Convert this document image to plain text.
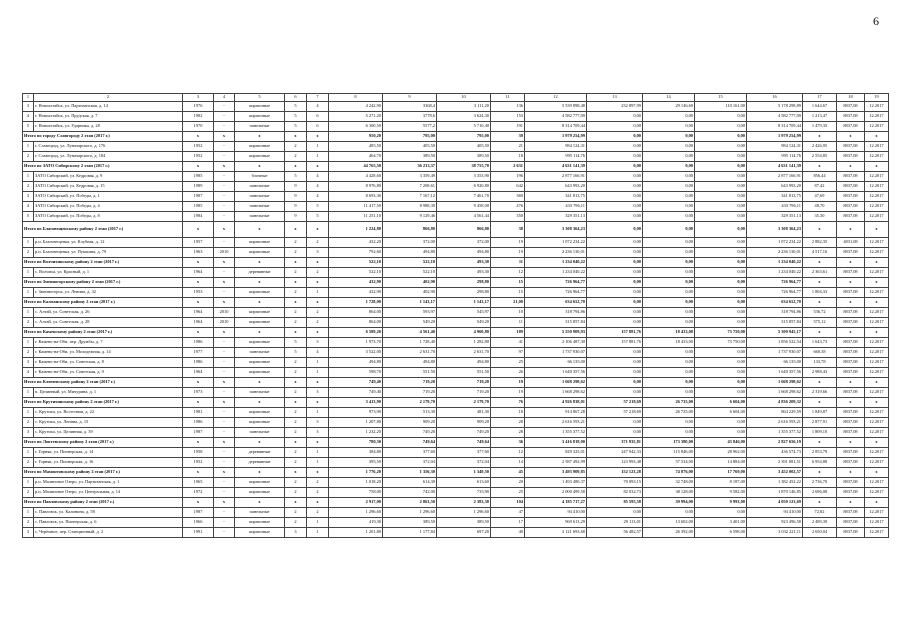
6
1	2	3	4	5	6	7	8	9	10	11	12	13	14	15	16	17	18	19
3	г. Новоалтайск, ул. Партизанская, д. 14	1976	-	кирпичные	5	4	4 242,90	3368,4	3 111,20	136	5 539 898,48	232 897,99	29 146,60	110 161,00	5 178 298,89	1 644,67	8837,08	12.2017
4	г. Новоалтайск, ул. Прудская, д. 7	1982	-	кирпичные	5	6	5 271,20	3778,6	3 624,30	153	4 582 777,09	0,00	0,00	0,00	4 582 777,09	1 213,47	8837,08	12.2017
5	г. Новоалтайск, ул. Ударника, д. 28	1970	-	панельные	5	6	6 300,50	5577,2	5 710,40	191	8 314 709,44	0,00	0,00	0,00	8 314 709,44	1 479,35	8837,08	12.2017
Итого по городу Славгороду 2 этап (2017 г.)		x	x	x	x	x	950,20	795,00	795,00	39	1 979 254,99	0,00	0,00	0,00	1 979 254,99	x	x	x
1	г. Славгород, ул. Луначарского, д. 176	1952	-	кирпичные	2	1	485,50	405,50	405,50	21	984 124,31	0,00	0,00	0,00	984 124,31	2 426,95	8837,08	12.2017
2	г. Славгород, ул. Луначарского, д. 184	1952	-	кирпичные	2	1	464,70	389,50	389,50	18	995 114,76	0,00	0,00	0,00	995 114,76	2 554,85	8837,08	12.2017
Итого по ЗАТО Сибирскому 2 этап (2017 г.)		x	x	x	x	x	44 765,50	36 233,37	38 755,70	2 631	4 631 141,39	0,00	0,00	0,00	4 631 141,39	x	x	x
1	ЗАТО Сибирский, ул. Кедровая, д. 9	1985	-	блочные	5	4	4 428,60	3 359,49	3 353,90	196	2 877 166,91	0,00	0,00	0,00	2 877 166,91	856,44	8837,08	12.2017
2	ЗАТО Сибирский, ул. Кедровая, д. 15	1989	-	панельные	9	4	8 976,80	7 208,61	6 920,80	642	643 993,20	0,00	0,00	0,00	643 993,20	87,42	8837,08	12.2017
3	ЗАТО Сибирский, ул. Победы, д. 1	1987	-	панельные	9	4	8 693,30	7 167,12	7 461,70	369	341 813,75	0,00	0,00	0,00	341 813,75	47,69	8837,08	12.2017
4	ЗАТО Сибирский, ул. Победы, д. 4	1985	-	панельные	9	5	11 417,50	8 988,39	9 458,00	476	433 796,11	0,00	0,00	0,00	433 796,11	48,70	8837,08	12.2017
5	ЗАТО Сибирский, ул. Победы, д. 8	1984	-	панельные	9	5	11 251,10	9 129,46	4 561,44	350	329 351,13	0,00	0,00	0,00	329 351,13	35,30	8837,08	12.2017
Итого по Благовещенскому району 2 этап (2017 г.)		x	x	x	x	x	1 224,80	866,80	866,80	38	3 308 364,23	0,00	0,00	0,00	3 308 364,23	x	x	x
1	р.п. Благовещенка, ул. Клубная, д. 12	1957	-	кирпичные	2	2	432,20	372,00	372,00	19	1 072 234,22	0,00	0,00	0,00	1 072 234,22	2 882,35	4831,08	12.2017
2	р.п. Благовещенка, ул. Пушкина, д. 79	1963	2010	кирпичные	2	3	792,60	494,80	494,80	19	2 236 130,01	0,00	0,00	0,00	2 236 130,01	4 517,16	8837,08	12.2017
Итого по Волчихинскому району 2 этап (2017 г.)		x	x	x	x	x	522,10	522,10	493,30	11	1 234 040,22	0,00	0,00	0,00	1 234 040,22	x	x	x
1	с. Волчиха, ул. Красный, д. 1	1964	-	деревянные	2	2	522,10	522,10	493,30	12	1 234 040,22	0,00	0,00	0,00	1 234 040,22	2 363,61	8837,08	12.2017
Итого по Змеиногорскому району 2 этап (2017 г.)		x	x	x	x	x	432,90	402,90	298,80	15	726 964,77	0,00	0,00	0,00	726 964,77	x	x	x
1	г. Змеиногорск, ул. Ленина, д. 32	1953	-	кирпичные	2	1	432,90	402,90	298,80	15	726 964,77	0,00	0,00	0,00	726 964,77	1 804,33	8837,08	12.2017
Итого по Калманскому району 2 этап (2017 г.)		x	x	x	x	x	1 728,00	1 143,17	1 143,17	21,00	634 652,70	0,00	0,00	0,00	634 652,70	x	x	x
1	с. Алтай, ул. Советская, д. 26	1964	2010	кирпичные	2	2	864,00	593,97	545,97	10	318 794,86	0,00	0,00	0,00	318 794,86	536,72	8837,08	12.2017
2	с. Алтай, ул. Советская, д. 28	1964	2010	кирпичные	2	2	864,00	549,20	549,20	11	315 857,84	0,00	0,00	0,00	315 857,84	575,12	8837,08	12.2017
Итого по Каменскому району 2 этап (2017 г.)		x	x	x	x	x	6 589,20	4 561,40	4 960,80	189	5 550 909,93	157 881,76	18 433,00	73 750,00	5 300 945,17	x	x	x
1	г. Камень-на-Оби, пер. Дружбы, д. 7	1986	-	кирпичные	5	3	1 973,70	1 728,40	1 282,80	41	2 106 487,30	157 881,76	18 433,00	73 750,00	1 856 522,54	1 643,73	8837,08	12.2017
2	г. Камень-на-Оби, ул. Молодежная, д. 14	1977	-	панельные	5	4	3 522,00	2 631,70	2 631,70	97	1 737 930,07	0,00	0,00	0,00	1 737 930,07	660,38	8837,08	12.2017
3	г. Камень-на-Оби, ул. Советская, д. 8	1986	-	кирпичные	2	1	494,80	494,80	494,80	25	66 135,00	0,00	0,00	0,00	66 135,00	133,78	8837,08	12.2017
4	г. Камень-на-Оби, ул. Советская, д. 9	1964	-	кирпичные	2	1	598,70	551,50	551,50	26	1 640 357,56	0,00	0,00	0,00	1 640 357,56	2 988,43	8837,08	12.2017
Итого по Ключевскому району 2 этап (2017 г.)		x	x	x	x	x	749,40	719,20	719,20	19	1 668 298,62	0,00	0,00	0,00	1 668 298,62	x	x	x
1	п. Целинный, ул. Мичурина, д. 1	1973	-	панельные	2	3	749,40	719,20	719,20	19	1 668 298,62	0,00	0,00	0,00	1 668 298,62	2 319,66	8837,08	12.2017
Итого по Крутихинскому району 2 этап (2017 г.)		x	x	x	x	x	3 413,90	2 179,70	2 179,70	76	4 926 838,01	57 218,69	26 735,00	6 604,00	4 836 209,32	x	x	x
1	с. Крутиха, ул. Восточная, д. 22	1981	-	кирпичные	2	1	973,90	513,30	481,30	18	914 867,28	57 218,69	26 735,00	6 604,00	864 229,59	1 849,87	8837,08	12.2017
2	с. Крутиха, ул. Ленина, д. 15	1986	-	кирпичные	2	3	1 207,80	909,20	909,20	28	2 616 593,21	0,00	0,00	0,00	2 616 593,21	2 877,91	8837,08	12.2017
3	с. Крутиха, ул. Целинная, д. 39	1987	-	панельные	2	3	1 232,20	749,20	749,20	28	1 355 377,52	0,00	0,00	0,00	1 355 377,52	1 809,10	8837,08	12.2017
Итого по Локтевскому району 2 этап (2017 г.)		x	x	x	x	x	780,30	749,64	749,64	36	3 416 818,00	371 935,81	173 380,00	43 846,00	2 827 656,19	x	x	x
1	г. Горняк, ул. Пионерская, д. 14	1958	-	деревянные	2	1	384,80	377,60	377,60	12	829 325,01	247 942,33	115 846,00	28 962,00	436 574,73	2 853,79	8837,08	12.2017
2	г. Горняк, ул. Пионерская, д. 16	1952	-	деревянные	2	1	395,50	372,04	372,04	14	2 587 492,99	123 993,48	57 534,00	14 884,00	2 391 081,51	6 954,88	8837,08	12.2017
Итого по Мамонтовскому району 2 этап (2017 г.)		x	x	x	x	x	1 776,20	1 356,30	1 349,50	45	3 493 909,85	152 123,28	74 876,00	17 769,00	3 452 002,57	x	x	x
1	р.п. Малиновое Озеро, ул. Партизанская, д. 1	1965	-	кирпичные	2	2	1 018,20	614,30	613,60	20	1 493 480,37	70 093,15	32 748,00	8 187,00	1 382 452,22	2 736,70	8837,08	12.2017
2	р.п. Малиновое Озеро, ул. Центральная, д. 14	1972	-	кирпичные	2	2	758,00	742,00	735,90	25	2 000 499,58	82 032,73	38 128,00	9 582,00	1 870 146,85	2 696,08	8837,08	12.2017
Итого по Павловскому району 2 этап (2017 г.)		x	x	x	x	x	2 917,00	2 863,50	2 383,30	104	4 185 717,27	85 595,58	39 994,00	9 993,00	4 050 123,69	x	x	x
1	с. Павловск, ул. Калинина, д. 58	1987	-	панельные	2	2	1 296,60	1 296,60	1 296,60	47	94 410,00	0,00	0,00	0,00	94 410,00	72,82	8837,08	12.2017
2	с. Павловск, ул. Пионерская, д. 6	1966	-	кирпичные	2	1	419,30	389,50	389,50	17	969 613,29	29 113,01	13 602,00	3 401,00	923 496,58	2 489,39	8837,08	12.2017
3	с. Черёмное, пер. Станционный, д. 2	1991	-	кирпичные	3	1	1 201,80	1 177,84	697,20	40	3 121 693,68	56 482,57	26 392,00	6 598,00	3 032 221,11	2 650,04	8837,08	12.2017
